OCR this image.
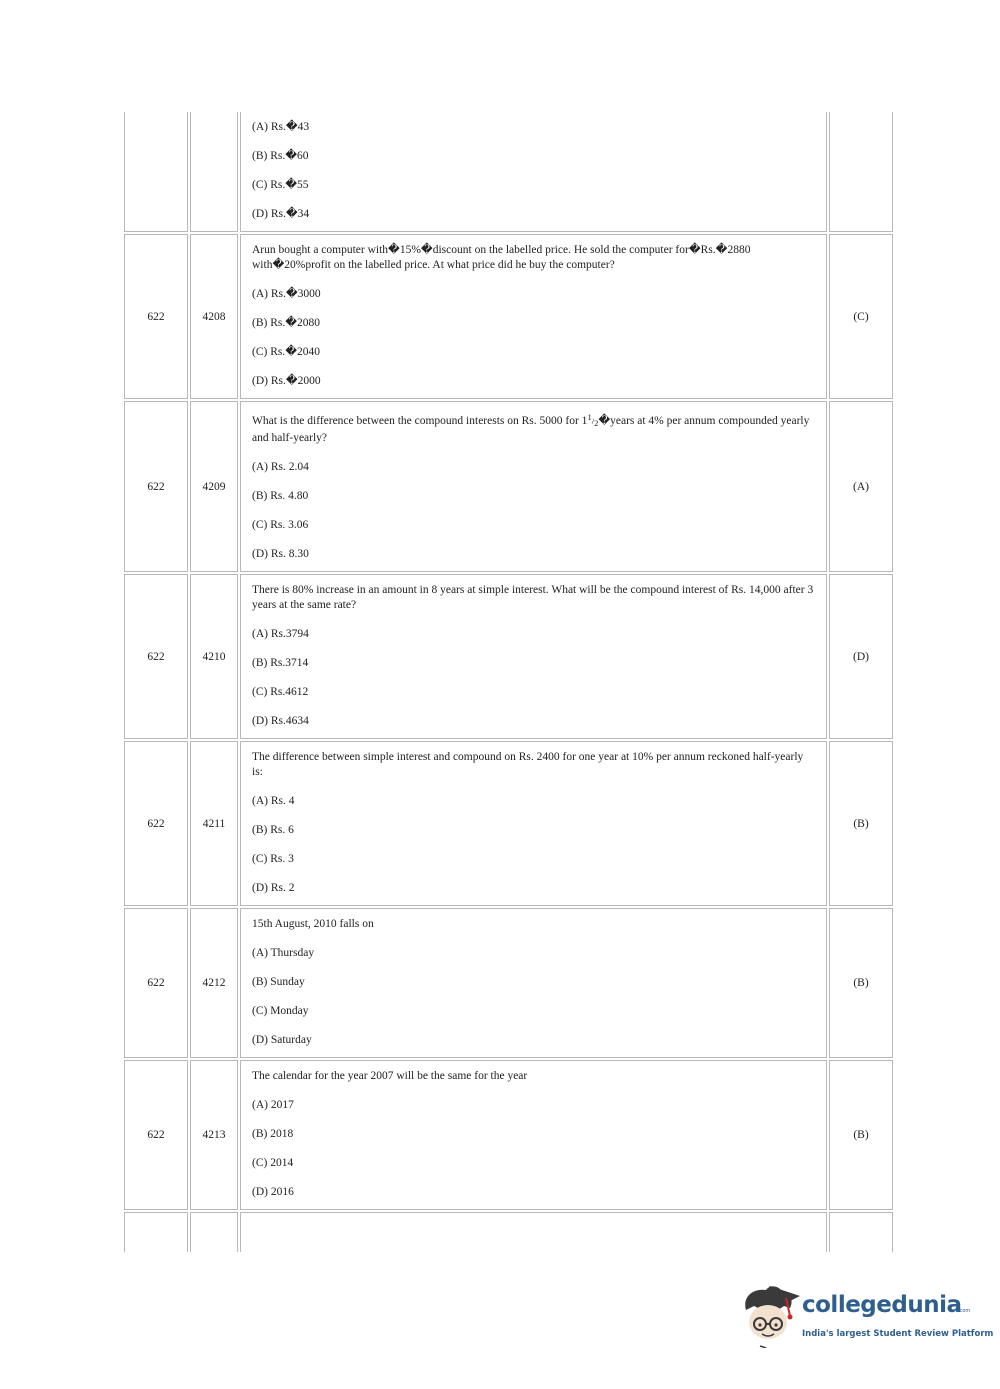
		(A) Rs.�43

(B) Rs.�60

(C) Rs.�55

(D) Rs.�34	

622	4208	Arun bought a computer with�15%�discount on the labelled price. He sold the computer for�Rs.�2880 with�20%profit on the labelled price. At what price did he buy the computer?

(A) Rs.�3000

(B) Rs.�2080

(C) Rs.�2040

(D) Rs.�2000	(C)
622	4209	What is the difference between the compound interests on Rs. 5000 for 11/2�years at 4% per annum compounded yearly and half-yearly?

(A) Rs. 2.04

(B) Rs. 4.80

(C) Rs. 3.06

(D) Rs. 8.30	(A)
622	4210	There is 80% increase in an amount in 8 years at simple interest. What will be the compound interest of Rs. 14,000 after 3 years at the same rate?

(A) Rs.3794

(B) Rs.3714

(C) Rs.4612

(D) Rs.4634	(D)
622	4211	The difference between simple interest and compound on Rs. 2400 for one year at 10% per annum reckoned half-yearly is:

(A) Rs. 4

(B) Rs. 6

(C) Rs. 3

(D) Rs. 2	(B)
622	4212	15th August, 2010 falls on

(A) Thursday

(B) Sunday

(C) Monday

(D) Saturday	(B)
622	4213	The calendar for the year 2007 will be the same for the year

(A) 2017

(B) 2018

(C) 2014

(D) 2016	(B)

collegedunia
.com
India's largest Student Review Platform
